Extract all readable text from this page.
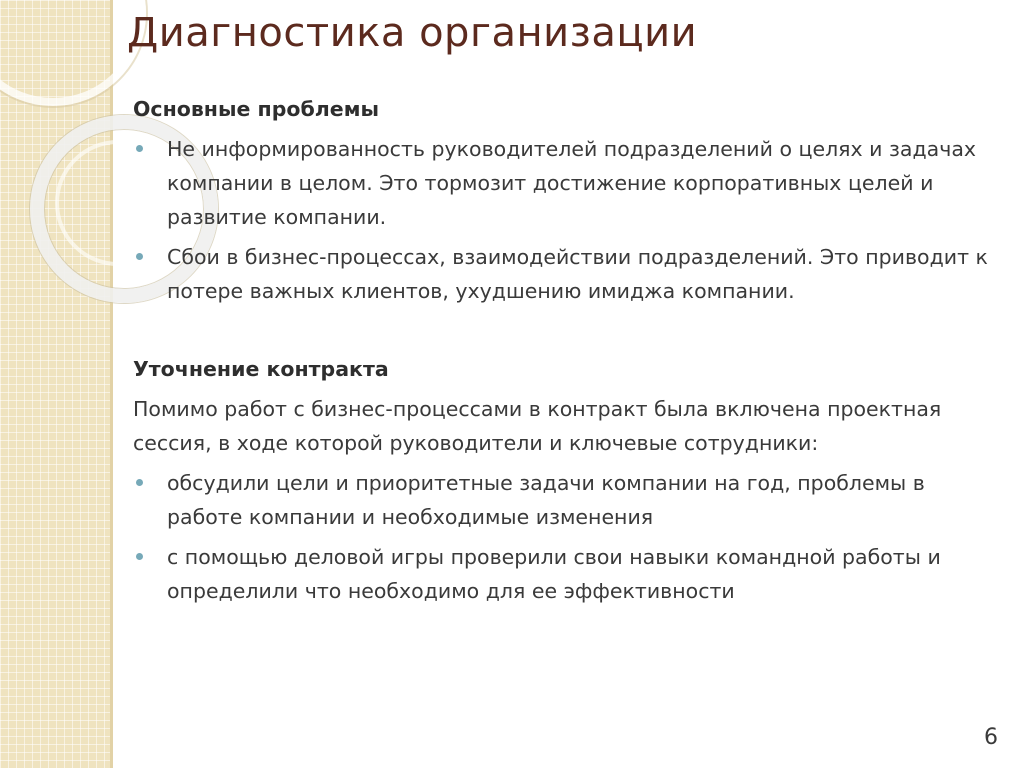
Диагностика организации
Основные проблемы
Не информированность руководителей подразделений о целях и задачах компании в целом. Это тормозит достижение корпоративных целей и развитие компании.
Сбои в бизнес-процессах, взаимодействии подразделений. Это приводит к потере важных клиентов, ухудшению имиджа компании.
Уточнение контракта

Помимо работ с бизнес-процессами в контракт была включена проектная сессия, в ходе которой руководители и ключевые сотрудники:

обсудили цели и приоритетные задачи компании на год, проблемы в работе компании и необходимые изменения
с помощью деловой игры проверили свои навыки командной работы и определили что необходимо для ее эффективности
6
